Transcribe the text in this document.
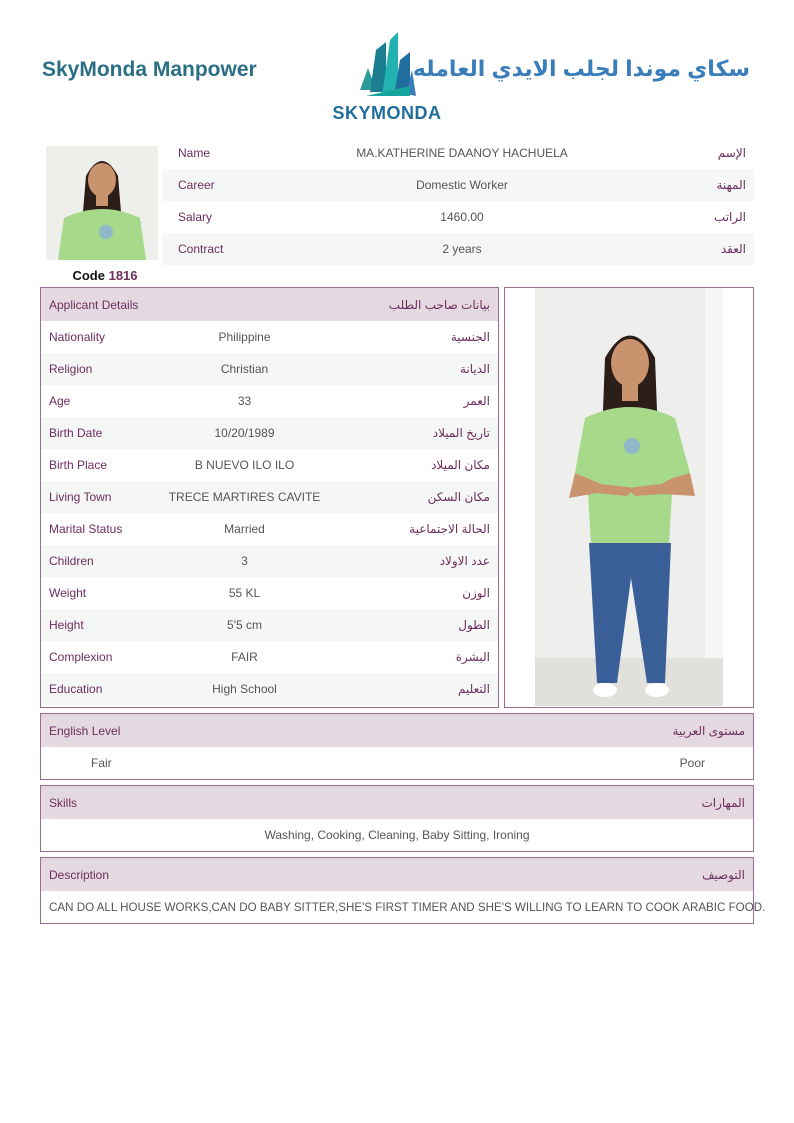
SkyMonda Manpower
SKYMONDA
سكاي موندا لجلب الايدي العامله
Code 1816
Name	MA.KATHERINE DAANOY HACHUELA	الإسم
Career	Domestic Worker	المهنة
Salary	1460.00	الراتب
Contract	2 years	العقد
Applicant Details	بيانات صاحب الطلب
Nationality	Philippine	الجنسية
Religion	Christian	الديانة
Age	33	العمر
Birth Date	10/20/1989	تاريخ الميلاد
Birth Place	B NUEVO ILO ILO	مكان الميلاد
Living Town	TRECE MARTIRES CAVITE	مكان السكن
Marital Status	Married	الحالة الاجتماعية
Children	3	عدد الاولاد
Weight	55 KL	الوزن
Height	5'5 cm	الطول
Complexion	FAIR	البشرة
Education	High School	التعليم
English Level	مستوى العربية
Fair	Poor
Skills	المهارات
Washing, Cooking, Cleaning, Baby Sitting, Ironing
Description	التوصيف
CAN DO ALL HOUSE WORKS,CAN DO BABY SITTER,SHE'S FIRST TIMER AND SHE'S WILLING TO LEARN TO COOK ARABIC FOOD.
